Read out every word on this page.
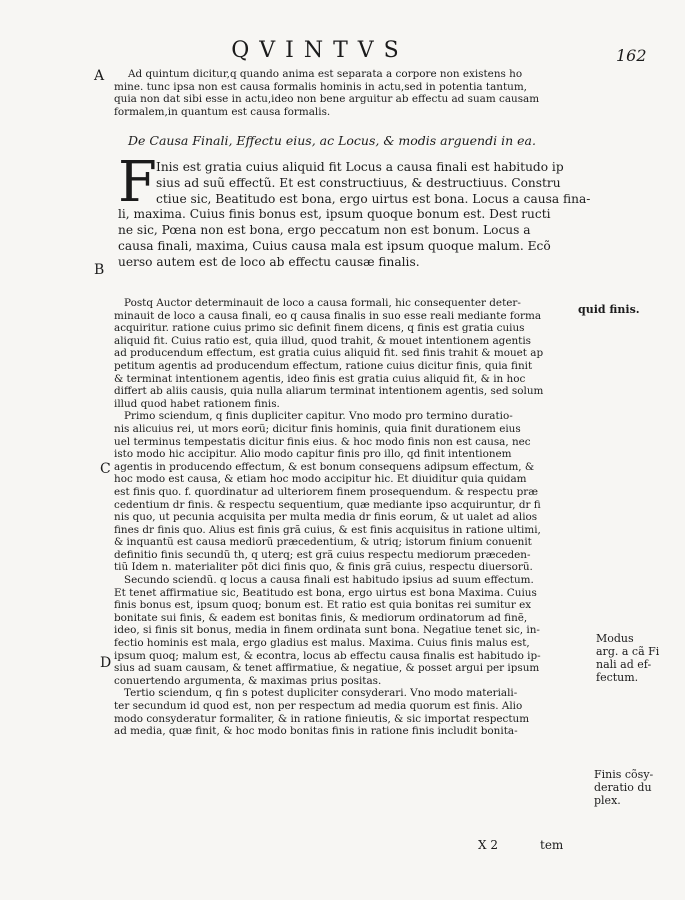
QVINTVS	162
A
B
C
D
Ad quintum dicitur,q quando anima est separata a corpore non existens ho
mine. tunc ipsa non est causa formalis hominis in actu,sed in potentia tantum,
quia non dat sibi esse in actu,ideo non bene arguitur ab effectu ad suam causam
formalem,in quantum est causa formalis.
De Causa Finali, Effectu eius, ac Locus, & modis arguendi in ea.
F Inis est gratia cuius aliquid fit Locus a causa finali est habitudo ip
sius ad suũ effectũ. Et est constructiuus, & destructiuus. Constru
ctiue sic, Beatitudo est bona, ergo uirtus est bona. Locus a causa fina-
li, maxima. Cuius finis bonus est, ipsum quoque bonum est. Dest ructi
ne sic, Pœna non est bona, ergo peccatum non est bonum. Locus a
causa finali, maxima, Cuius causa mala est ipsum quoque malum. Ecõ
uerso autem est de loco ab effectu causæ finalis.
Postq Auctor determinauit de loco a causa formali, hic consequenter deter-
minauit de loco a causa finali, eo q causa finalis in suo esse reali mediante forma
acquiritur. ratione cuius primo sic definit finem dicens, q finis est gratia cuius
aliquid fit. Cuius ratio est, quia illud, quod trahit, & mouet intentionem agentis
ad producendum effectum, est gratia cuius aliquid fit. sed finis trahit & mouet ap
petitum agentis ad producendum effectum, ratione cuius dicitur finis, quia finit
& terminat intentionem agentis, ideo finis est gratia cuius aliquid fit, & in hoc
differt ab aliis causis, quia nulla aliarum terminat intentionem agentis, sed solum
illud quod habet rationem finis.
Primo sciendum, q finis dupliciter capitur. Vno modo pro termino duratio-
nis alicuius rei, ut mors eorũ; dicitur finis hominis, quia finit durationem eius
uel terminus tempestatis dicitur finis eius. & hoc modo finis non est causa, nec
isto modo hic accipitur. Alio modo capitur finis pro illo, qd finit intentionem
agentis in producendo effectum, & est bonum consequens adipsum effectum, &
hoc modo est causa, & etiam hoc modo accipitur hic. Et diuiditur quia quidam
est finis quo. f. quordinatur ad ulteriorem finem prosequendum. & respectu præ
cedentium dr finis. & respectu sequentium, quæ mediante ipso acquiruntur, dr fi
nis quo, ut pecunia acquisita per multa media dr finis eorum, & ut ualet ad alios
fines dr finis quo. Alius est finis grã cuius, & est finis acquisitus in ratione ultimi,
& inquantũ est causa mediorũ præcedentium, & utriq; istorum finium conuenit
definitio finis secundũ th, q uterq; est grã cuius respectu mediorum præceden-
tiũ Idem n. materialiter pōt dici finis quo, & finis grã cuius, respectu diuersorũ.
Secundo sciendũ. q locus a causa finali est habitudo ipsius ad suum effectum.
Et tenet affirmatiue sic, Beatitudo est bona, ergo uirtus est bona Maxima. Cuius
finis bonus est, ipsum quoq; bonum est. Et ratio est quia bonitas rei sumitur ex
bonitate sui finis, & eadem est bonitas finis, & mediorum ordinatorum ad finẽ,
ideo, si finis sit bonus, media in finem ordinata sunt bona. Negatiue tenet sic, in-
fectio hominis est mala, ergo gladius est malus. Maxima. Cuius finis malus est,
ipsum quoq; malum est, & econtra, locus ab effectu causa finalis est habitudo ip-
sius ad suam causam, & tenet affirmatiue, & negatiue, & posset argui per ipsum
conuertendo argumenta, & maximas prius positas.
Tertio sciendum, q fin s potest dupliciter consyderari. Vno modo materiali-
ter secundum id quod est, non per respectum ad media quorum est finis. Alio
modo consyderatur formaliter, & in ratione finieutis, & sic importat respectum
ad media, quæ finit, & hoc modo bonitas finis in ratione finis includit bonita-
quid finis.
Modus
arg. a cã Fi
nali ad ef-
fectum.
Finis cõsy-
deratio du
plex.
X 2	tem
